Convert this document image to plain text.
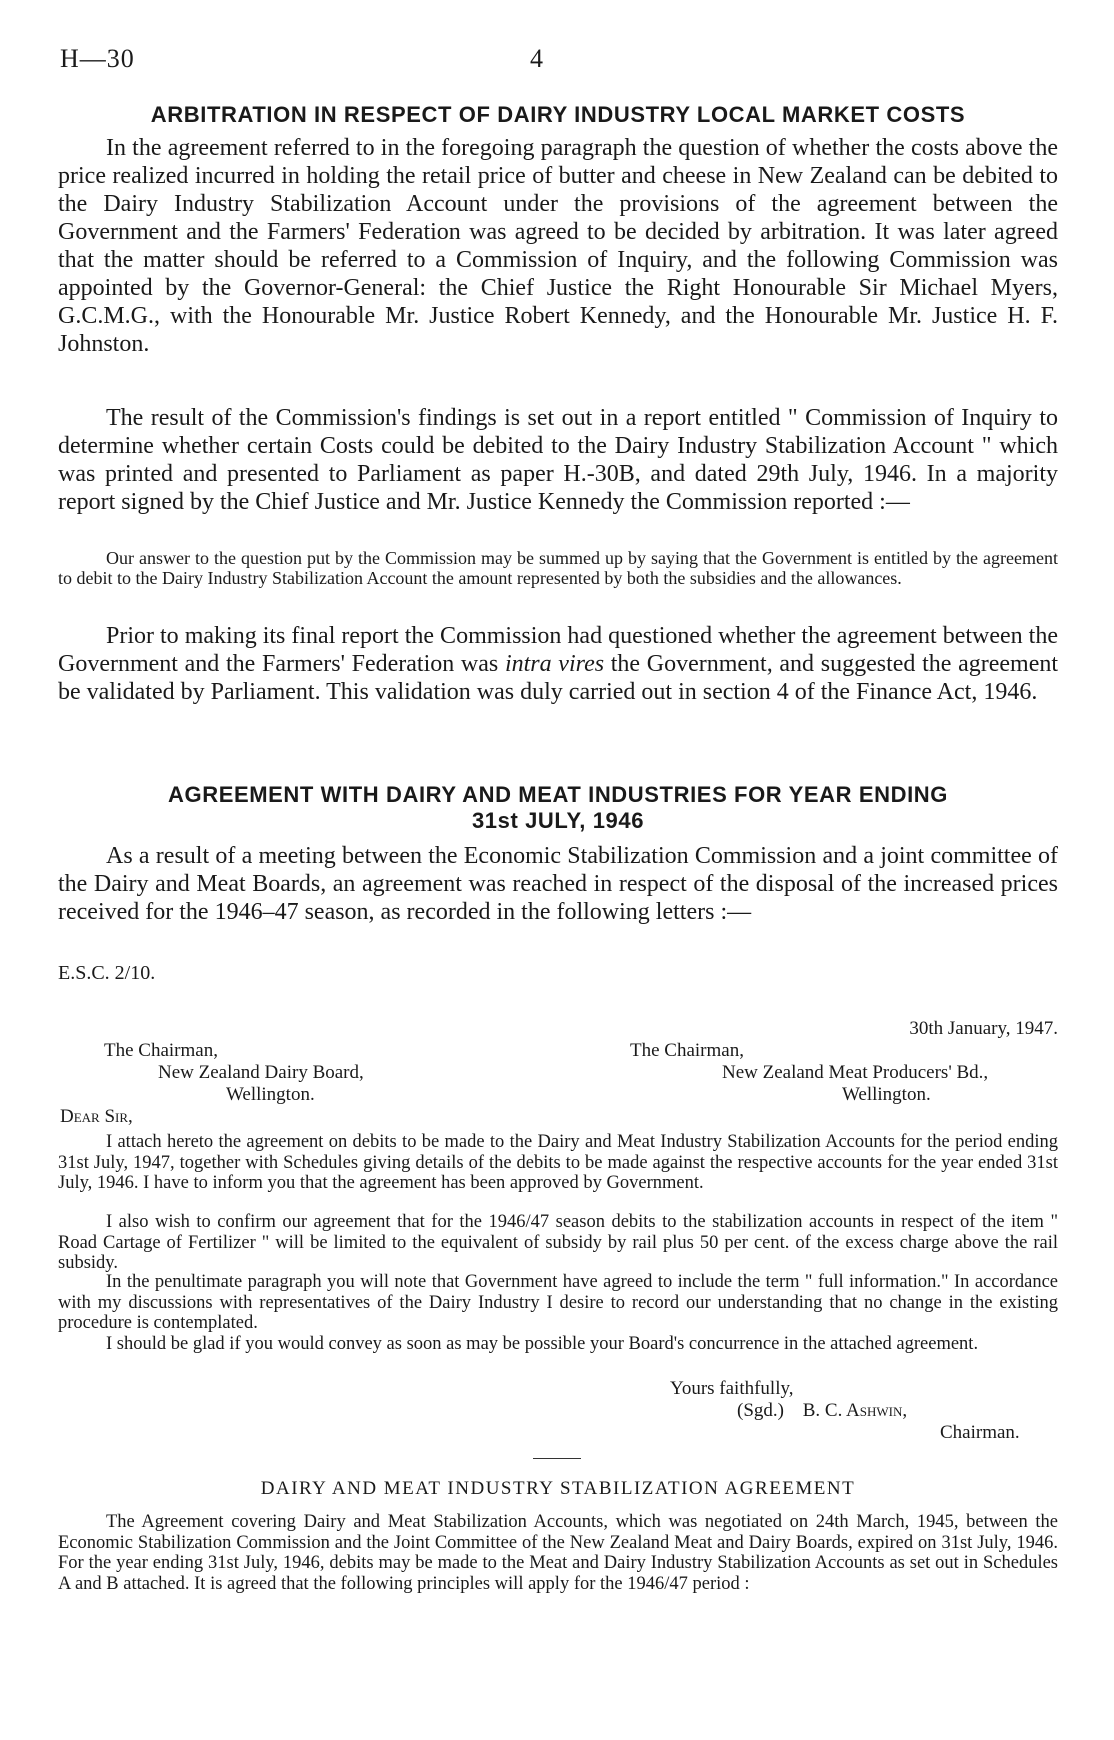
H—30	4
ARBITRATION IN RESPECT OF DAIRY INDUSTRY LOCAL MARKET COSTS

In the agreement referred to in the foregoing paragraph the question of whether the costs above the price realized incurred in holding the retail price of butter and cheese in New Zealand can be debited to the Dairy Industry Stabilization Account under the provisions of the agreement between the Government and the Farmers' Federation was agreed to be decided by arbitration. It was later agreed that the matter should be referred to a Commission of Inquiry, and the following Commission was appointed by the Governor-General: the Chief Justice the Right Honourable Sir Michael Myers, G.C.M.G., with the Honourable Mr. Justice Robert Kennedy, and the Honourable Mr. Justice H. F. Johnston.

The result of the Commission's findings is set out in a report entitled " Commission of Inquiry to determine whether certain Costs could be debited to the Dairy Industry Stabilization Account " which was printed and presented to Parliament as paper H.-30B, and dated 29th July, 1946. In a majority report signed by the Chief Justice and Mr. Justice Kennedy the Commission reported :—

Our answer to the question put by the Commission may be summed up by saying that the Government is entitled by the agreement to debit to the Dairy Industry Stabilization Account the amount represented by both the subsidies and the allowances.

Prior to making its final report the Commission had questioned whether the agreement between the Government and the Farmers' Federation was intra vires the Government, and suggested the agreement be validated by Parliament. This validation was duly carried out in section 4 of the Finance Act, 1946.

AGREEMENT WITH DAIRY AND MEAT INDUSTRIES FOR YEAR ENDING
31st JULY, 1946

As a result of a meeting between the Economic Stabilization Commission and a joint committee of the Dairy and Meat Boards, an agreement was reached in respect of the disposal of the increased prices received for the 1946–47 season, as recorded in the following letters :—

E.S.C. 2/10.
30th January, 1947.
The Chairman,
New Zealand Dairy Board,
Wellington.
The Chairman,
New Zealand Meat Producers' Bd.,
Wellington.
Dear Sir,

I attach hereto the agreement on debits to be made to the Dairy and Meat Industry Stabilization Accounts for the period ending 31st July, 1947, together with Schedules giving details of the debits to be made against the respective accounts for the year ended 31st July, 1946. I have to inform you that the agreement has been approved by Government.

I also wish to confirm our agreement that for the 1946/47 season debits to the stabilization accounts in respect of the item " Road Cartage of Fertilizer " will be limited to the equivalent of subsidy by rail plus 50 per cent. of the excess charge above the rail subsidy.

In the penultimate paragraph you will note that Government have agreed to include the term " full information." In accordance with my discussions with representatives of the Dairy Industry I desire to record our understanding that no change in the existing procedure is contemplated.

I should be glad if you would convey as soon as may be possible your Board's concurrence in the attached agreement.

Yours faithfully,
(Sgd.) B. C. Ashwin,
Chairman.
DAIRY AND MEAT INDUSTRY STABILIZATION AGREEMENT

The Agreement covering Dairy and Meat Stabilization Accounts, which was negotiated on 24th March, 1945, between the Economic Stabilization Commission and the Joint Committee of the New Zealand Meat and Dairy Boards, expired on 31st July, 1946. For the year ending 31st July, 1946, debits may be made to the Meat and Dairy Industry Stabilization Accounts as set out in Schedules A and B attached. It is agreed that the following principles will apply for the 1946/47 period :
